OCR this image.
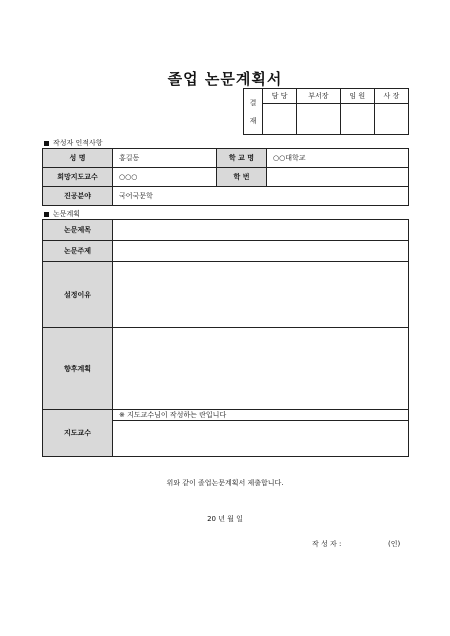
졸업 논문계획서
결
재	담 당	부서장	임 원	사 장

작성자 인적사항
성 명	홍길동	학 교 명	○○대학교
희망지도교수	○○○	학 번	
진공분야	국어국문학		
논문계획
논문제목	
논문주제	
설정이유	
향후계획	
지도교수	※ 지도교수님이 작성하는 란입니다

위와 같이 졸업논문계획서 제출합니다.
20 년 월 일
작 성 자 :	(인)
